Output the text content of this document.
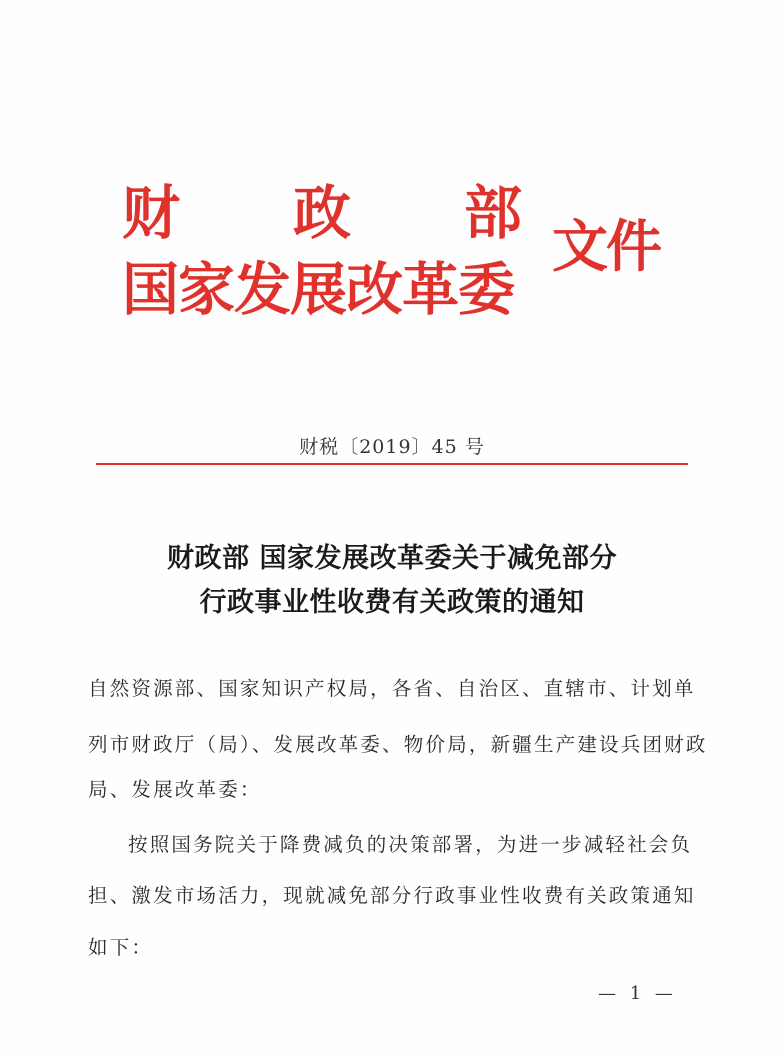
财 政 部
国家发展改革委
文件
财税〔2019〕45 号
财政部 国家发展改革委关于减免部分
行政事业性收费有关政策的通知
自然资源部、国家知识产权局，各省、自治区、直辖市、计划单
列市财政厅（局）、发展改革委、物价局，新疆生产建设兵团财政
局、发展改革委：
按照国务院关于降费减负的决策部署，为进一步减轻社会负
担、激发市场活力，现就减免部分行政事业性收费有关政策通知
如下：
— 1 —
